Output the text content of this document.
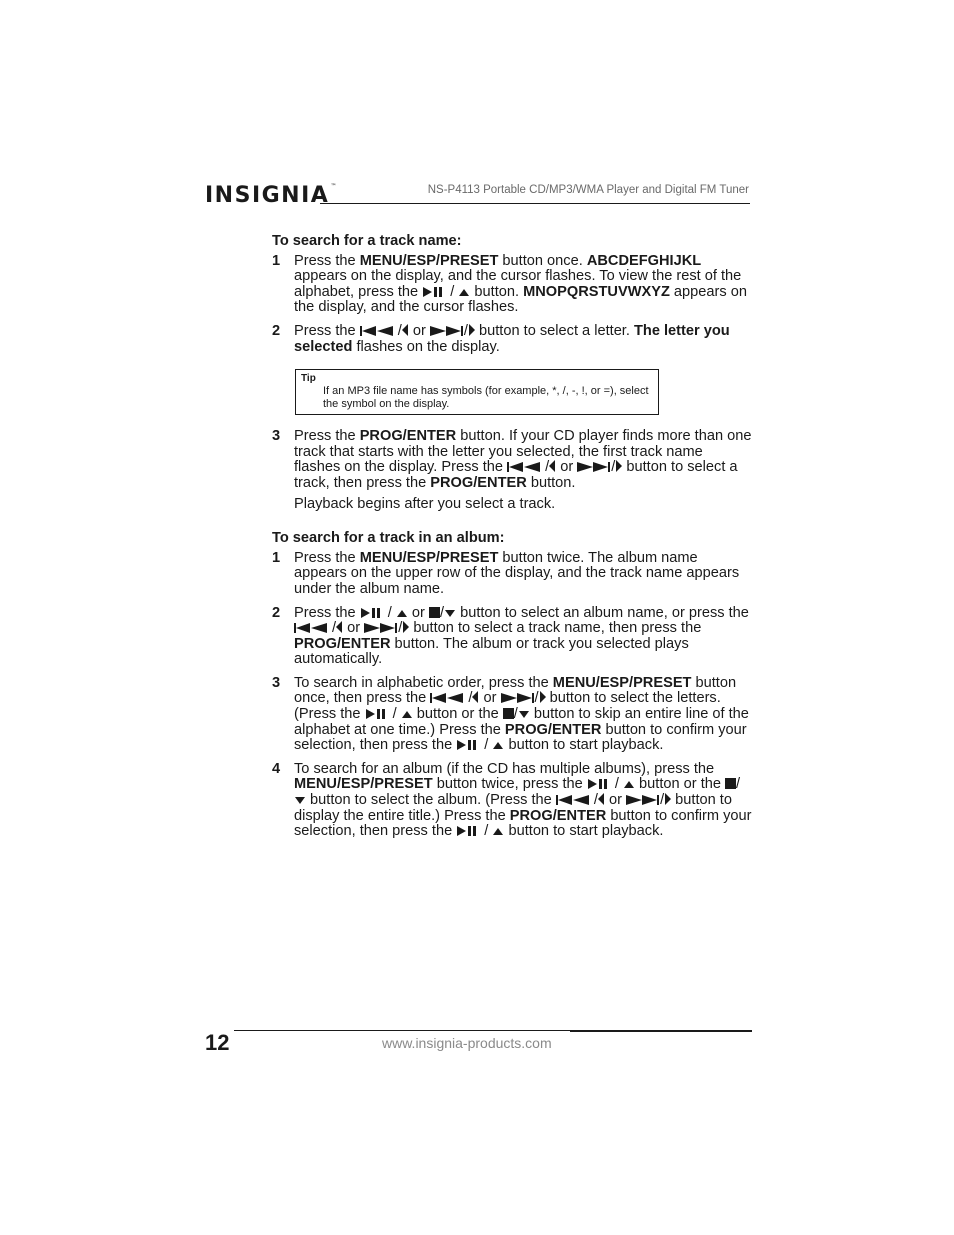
INSIGNIA™	NS-P4113 Portable CD/MP3/WMA Player and Digital FM Tuner
To search for a track name:
1 Press the MENU/ESP/PRESET button once. ABCDEFGHIJKL appears on the display, and the cursor flashes. To view the rest of the alphabet, press the
/
button. MNOPQRSTUVWXYZ appears on the display, and the cursor flashes.

2 Press the
/
or
/
button to select a letter. The letter you selected flashes on the display.

Tip
If an MP3 file name has symbols (for example, *, /, -, !, or =), select the symbol on the display.
3 Press the PROG/ENTER button. If your CD player finds more than one track that starts with the letter you selected, the first track name flashes on the display. Press the
/
or
/
button to select a track, then press the PROG/ENTER button.

Playback begins after you select a track.

To search for a track in an album:
1 Press the MENU/ESP/PRESET button twice. The album name appears on the upper row of the display, and the track name appears under the album name.

2 Press the
/
or
/
button to select an album name, or press the
/
or
/
button to select a track name, then press the PROG/ENTER button. The album or track you selected plays automatically.

3 To search in alphabetic order, press the MENU/ESP/PRESET button once, then press the
/
or
/
button to select the letters. (Press the
/
button or the
/
button to skip an entire line of the alphabet at one time.) Press the PROG/ENTER button to confirm your selection, then press the
/
button to start playback.

4 To search for an album (if the CD has multiple albums), press the MENU/ESP/PRESET button twice, press the
/
button or the
/
button to select the album. (Press the
/
or
/
button to display the entire title.) Press the PROG/ENTER button to confirm your selection, then press the
/
button to start playback.

12	www.insignia-products.com
